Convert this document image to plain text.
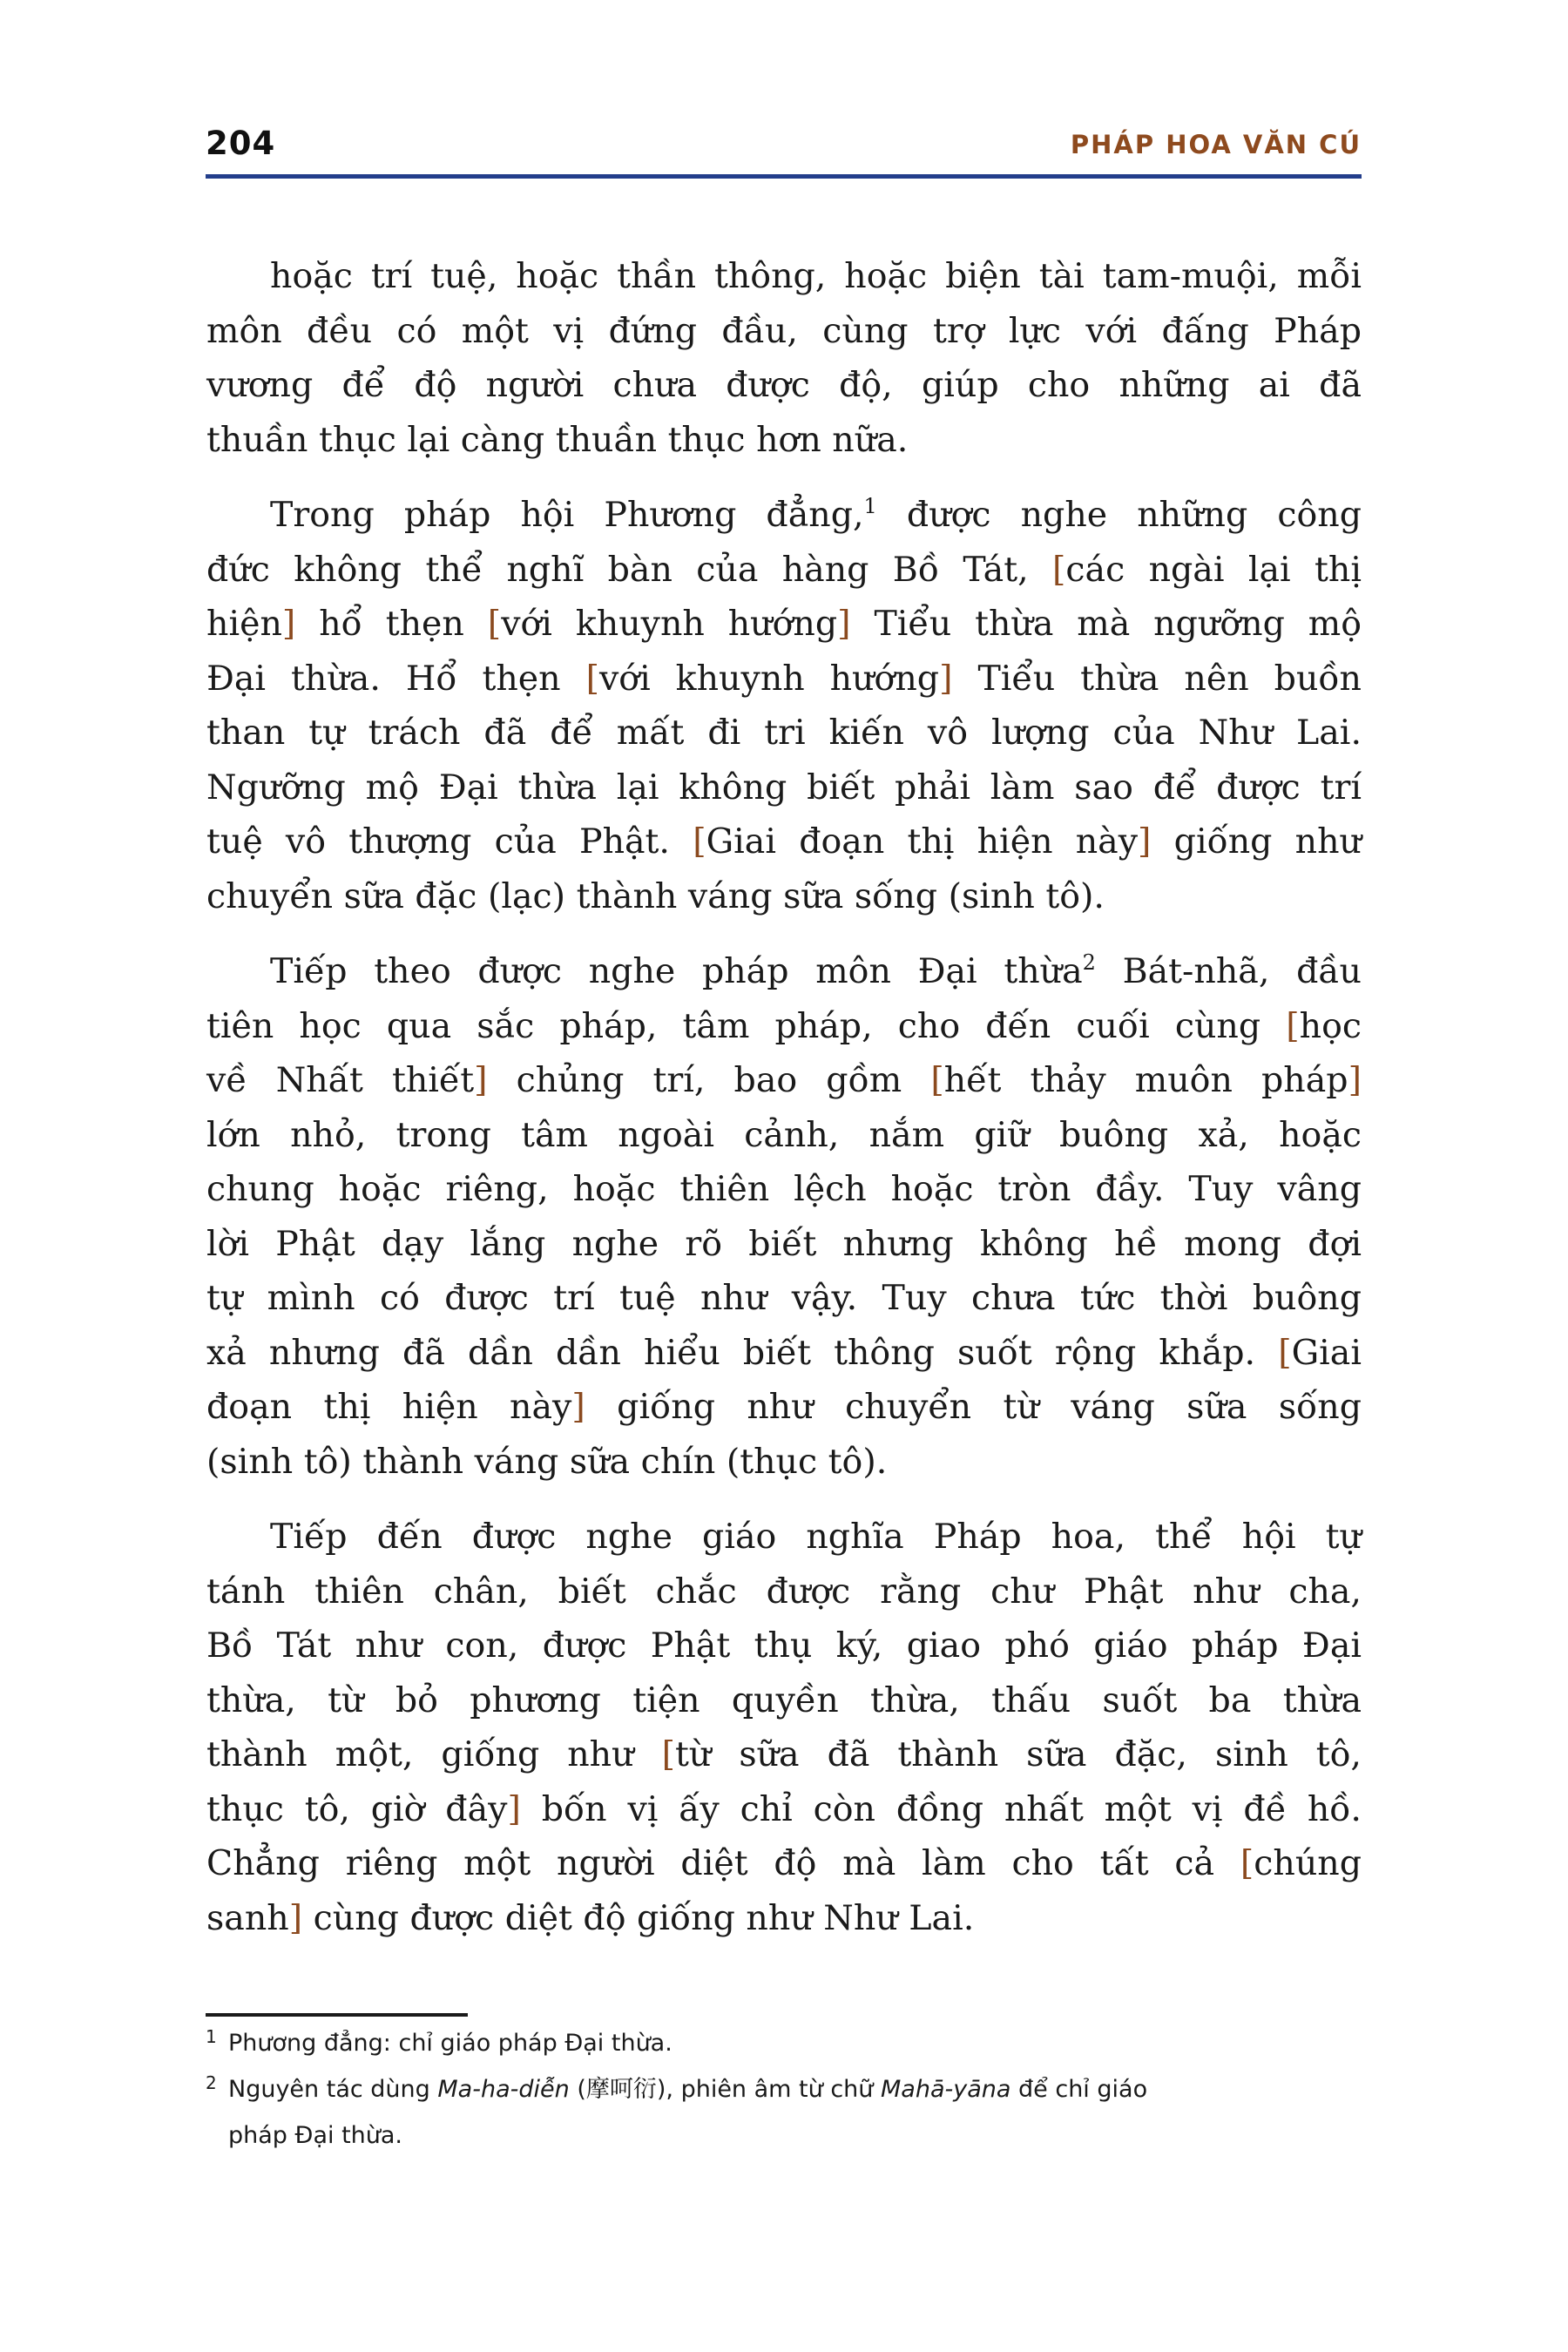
204	PHÁP HOA VĂN CÚ
hoặc trí tuệ, hoặc thần thông, hoặc biện tài tam-muội, mỗi
môn đều có một vị đứng đầu, cùng trợ lực với đấng Pháp
vương để độ người chưa được độ, giúp cho những ai đã
thuần thục lại càng thuần thục hơn nữa.
Trong pháp hội Phương đẳng,$^1$ được nghe những công
đức không thể nghĩ bàn của hàng Bồ Tát, [các ngài lại thị
hiện] hổ thẹn [với khuynh hướng] Tiểu thừa mà ngưỡng mộ
Đại thừa. Hổ thẹn [với khuynh hướng] Tiểu thừa nên buồn
than tự trách đã để mất đi tri kiến vô lượng của Như Lai.
Ngưỡng mộ Đại thừa lại không biết phải làm sao để được trí
tuệ vô thượng của Phật. [Giai đoạn thị hiện này] giống như
chuyển sữa đặc (lạc) thành váng sữa sống (sinh tô).
Tiếp theo được nghe pháp môn Đại thừa$^2$ Bát-nhã, đầu
tiên học qua sắc pháp, tâm pháp, cho đến cuối cùng [học
về Nhất thiết] chủng trí, bao gồm [hết thảy muôn pháp]
lớn nhỏ, trong tâm ngoài cảnh, nắm giữ buông xả, hoặc
chung hoặc riêng, hoặc thiên lệch hoặc tròn đầy. Tuy vâng
lời Phật dạy lắng nghe rõ biết nhưng không hề mong đợi
tự mình có được trí tuệ như vậy. Tuy chưa tức thời buông
xả nhưng đã dần dần hiểu biết thông suốt rộng khắp. [Giai
đoạn thị hiện này] giống như chuyển từ váng sữa sống
(sinh tô) thành váng sữa chín (thục tô).
Tiếp đến được nghe giáo nghĩa Pháp hoa, thể hội tự
tánh thiên chân, biết chắc được rằng chư Phật như cha,
Bồ Tát như con, được Phật thụ ký, giao phó giáo pháp Đại
thừa, từ bỏ phương tiện quyền thừa, thấu suốt ba thừa
thành một, giống như [từ sữa đã thành sữa đặc, sinh tô,
thục tô, giờ đây] bốn vị ấy chỉ còn đồng nhất một vị đề hồ.
Chẳng riêng một người diệt độ mà làm cho tất cả [chúng
sanh] cùng được diệt độ giống như Như Lai.
1 Phương đẳng: chỉ giáo pháp Đại thừa.
2 Nguyên tác dùng Ma-ha-diễn (摩呵衍), phiên âm từ chữ Mahā-yāna để chỉ giáo
pháp Đại thừa.
